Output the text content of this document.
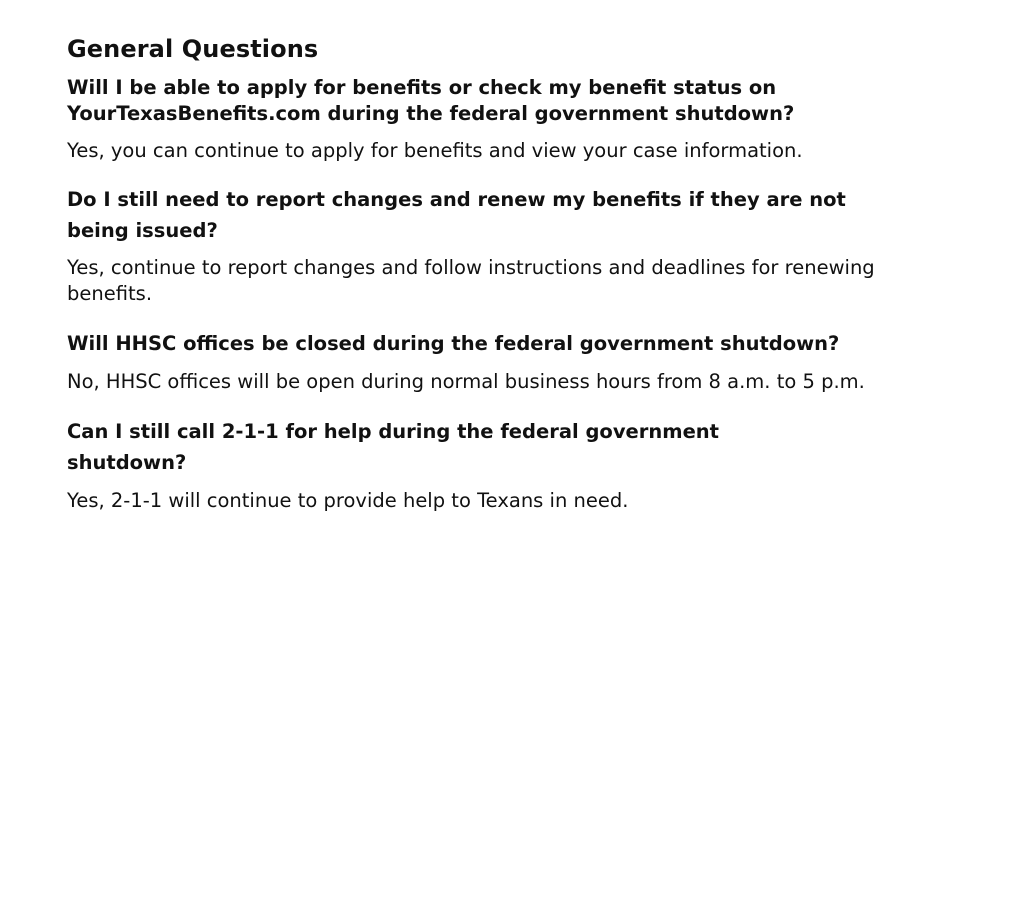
General Questions

Will I be able to apply for benefits or check my benefit status on YourTexasBenefits.com during the federal government shutdown?

Yes, you can continue to apply for benefits and view your case information.

Do I still need to report changes and renew my benefits if they are not being issued?

Yes, continue to report changes and follow instructions and deadlines for renewing benefits.

Will HHSC offices be closed during the federal government shutdown?

No, HHSC offices will be open during normal business hours from 8 a.m. to 5 p.m.

Can I still call 2-1-1 for help during the federal government shutdown?

Yes, 2-1-1 will continue to provide help to Texans in need.
